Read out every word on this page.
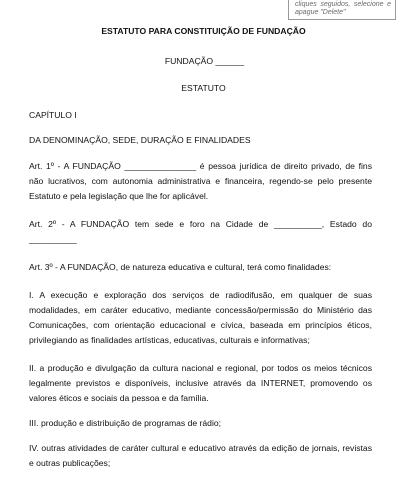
cliques seguidos, selecione e apague "Delete"

ESTATUTO PARA CONSTITUIÇÃO DE FUNDAÇÃO

FUNDAÇÃO ______

ESTATUTO

CAPÍTULO I

DA DENOMINAÇÃO, SEDE, DURAÇÃO E FINALIDADES

Art. 1º - A FUNDAÇÃO _______________ é pessoa jurídica de direito privado, de fins não lucrativos, com autonomia administrativa e financeira, regendo-se pelo presente Estatuto e pela legislação que lhe for aplicável.

Art. 2º - A FUNDAÇÃO tem sede e foro na Cidade de __________, Estado do __________

Art. 3º - A FUNDAÇÃO, de natureza educativa e cultural, terá como finalidades:

I. A execução e exploração dos serviços de radiodifusão, em qualquer de suas modalidades, em caráter educativo, mediante concessão/permissão do Ministério das Comunicações, com orientação educacional e cívica, baseada em princípios éticos, privilegiando as finalidades artísticas, educativas, culturais e informativas;

II. a produção e divulgação da cultura nacional e regional, por todos os meios técnicos legalmente previstos e disponíveis, inclusive através da INTERNET, promovendo os valores éticos e sociais da pessoa e da família.

III. produção e distribuição de programas de rádio;

IV. outras atividades de caráter cultural e educativo através da edição de jornais, revistas e outras publicações;
